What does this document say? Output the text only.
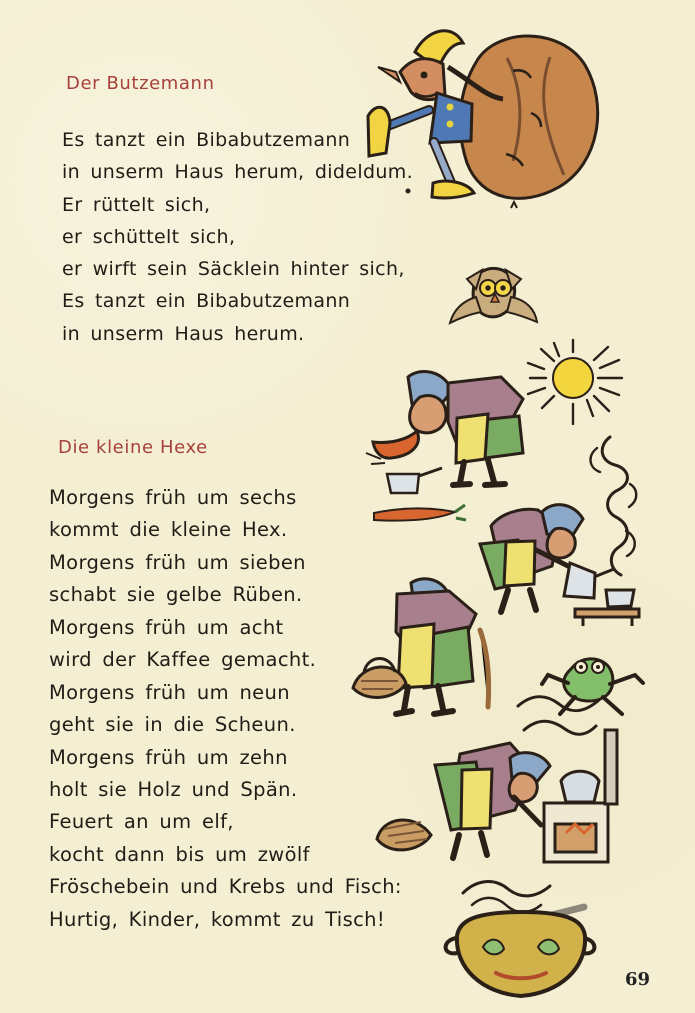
Der Butzemann
Es tanzt ein Bibabutzemann
in unserm Haus herum, dideldum.
Er rüttelt sich,
er schüttelt sich,
er wirft sein Säcklein hinter sich,
Es tanzt ein Bibabutzemann
in unserm Haus herum.
Die kleine Hexe
Morgens früh um sechs
kommt die kleine Hex.
Morgens früh um sieben
schabt sie gelbe Rüben.
Morgens früh um acht
wird der Kaffee gemacht.
Morgens früh um neun
geht sie in die Scheun.
Morgens früh um zehn
holt sie Holz und Spän.
Feuert an um elf,
kocht dann bis um zwölf
Fröschebein und Krebs und Fisch:
Hurtig, Kinder, kommt zu Tisch!
69
